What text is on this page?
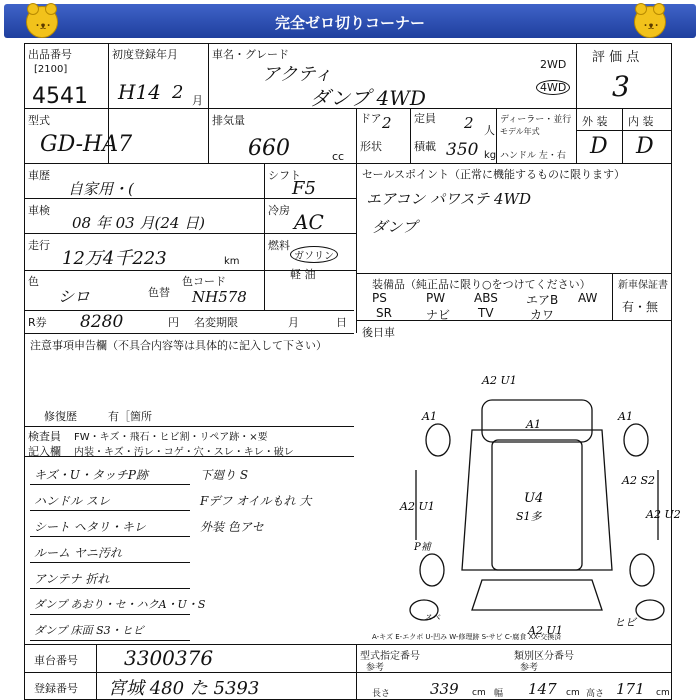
･ᴥ･	完全ゼロ切りコーナー	･ᴥ･
出品番号
[2100]
4541
初度登録年月
H14 2 月
車名・グレード
アクティ
ダンプ 4WD
2WD
4WD
評 価 点
3
型式
GD-HA7
排気量
660	cc
ドア 2 定員 2 人
形状	積載 350 kg
ディーラー・並行
モデル年式
ハンドル 左・右
外 装 内 装
D D
車歴
自家用・(
シフト
F5
車検
08 年 03 月(24 日)
冷房 AC
走行
12万4千223	km
燃料
ガソリン
軽 油
色
シロ	色替
色コード
NH578
R券 8280	円 名変期限	月	日
セールスポイント（正常に機能するものに限ります）
エアコン パワステ 4WD
ダンプ
装備品（純正品に限り○をつけてください）	新車保証書
有・無
PS	PW ABS エアB AW
SR	ナビ TV	カワ
後日車
注意事項申告欄（不具合内容等は具体的に記入して下さい）
修復歴	有［箇所
検査員
記入欄
FW・キズ・飛石・ヒビ割・リペア跡・×要
内装・キズ・汚レ・コゲ・穴・スレ・キレ・破レ
キズ・U・タッチP跡
ハンドル スレ
シート ヘタリ・キレ
ルーム ヤニ汚れ
アンテナ 折れ
ダンプ あおり・セ・ハクA・U・S
ダンプ 床面 S3・ヒビ
下廻り S
Fデフ オイルもれ 大
外装 色アセ
A2 U1
A1
A1	A1
A2 U1
A2 S2
A2 U2
U4
S1多
P補
A2 U1
ヒビ
スベ
A-キズ E-エクボ U-凹み W-修理跡 S-サビ C-腐食 XX-交換済
車台番号 3300376
登録番号 宮城 480 た 5393
型式指定番号
参考
類別区分番号
参考
長さ	339 cm 幅 147 cm 高さ 171 cm
